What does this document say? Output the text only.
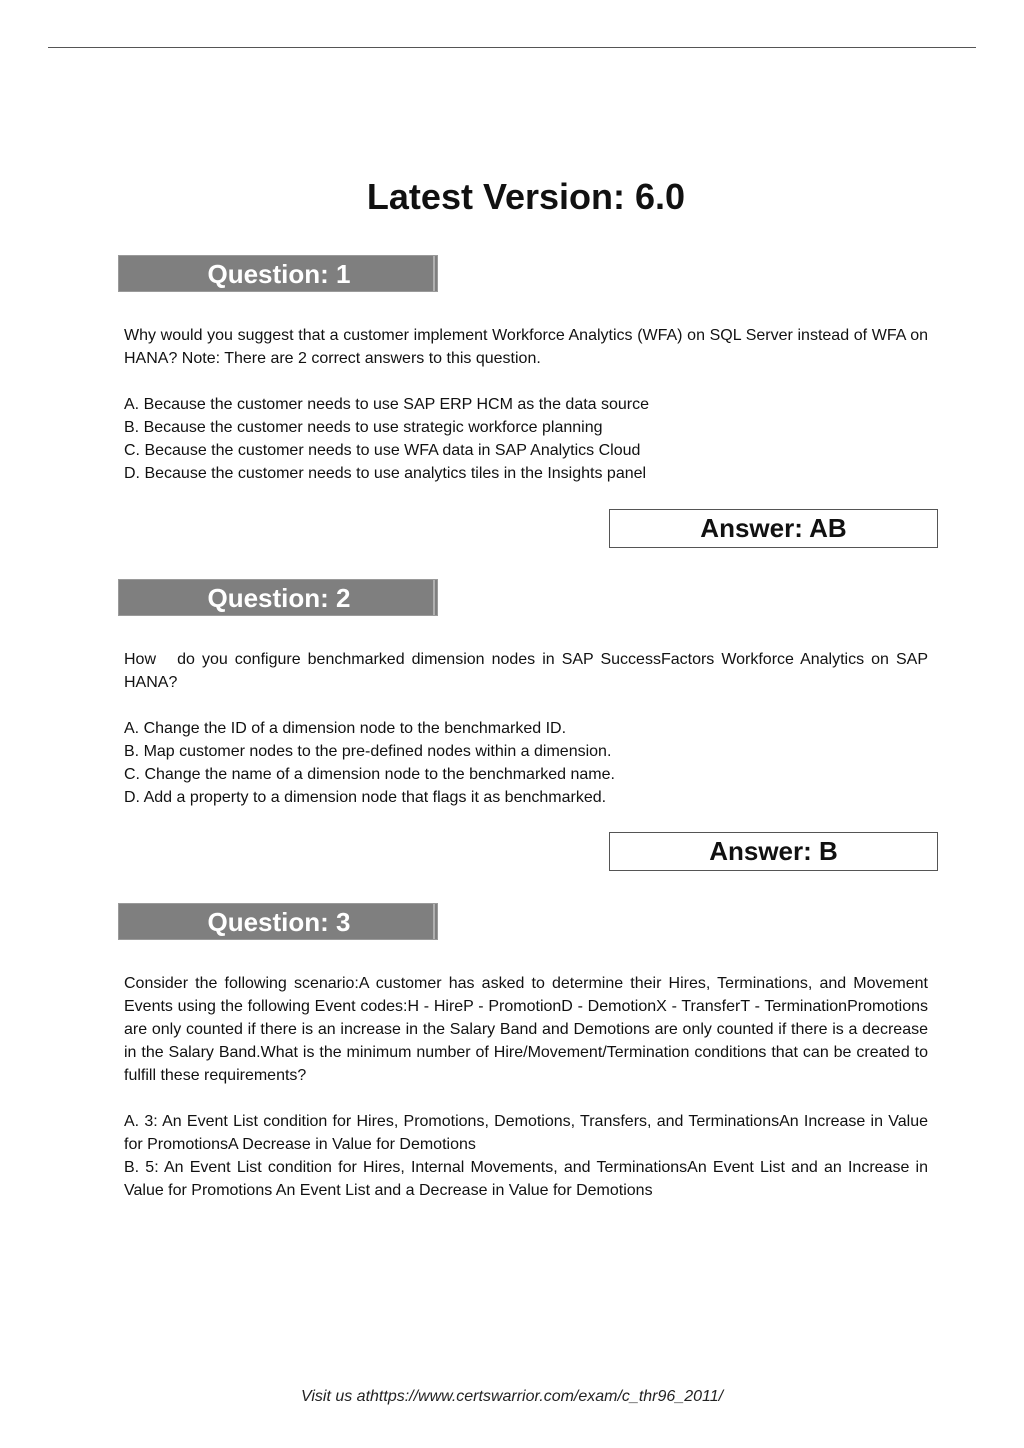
Latest Version: 6.0
Question: 1

Why would you suggest that a customer implement Workforce Analytics (WFA) on SQL Server instead of WFA on HANA? Note: There are 2 correct answers to this question.

A. Because the customer needs to use SAP ERP HCM as the data source
B. Because the customer needs to use strategic workforce planning
C. Because the customer needs to use WFA data in SAP Analytics Cloud
D. Because the customer needs to use analytics tiles in the Insights panel
Answer: AB
Question: 2

How   do you configure benchmarked dimension nodes in SAP SuccessFactors Workforce Analytics on SAP HANA?

A. Change the ID of a dimension node to the benchmarked ID.
B. Map customer nodes to the pre-defined nodes within a dimension.
C. Change the name of a dimension node to the benchmarked name.
D. Add a property to a dimension node that flags it as benchmarked.
Answer: B
Question: 3

Consider the following scenario:A customer has asked to determine their Hires, Terminations, and Movement Events using the following Event codes:H - HireP - PromotionD - DemotionX - TransferT - TerminationPromotions are only counted if there is an increase in the Salary Band and Demotions are only counted if there is a decrease in the Salary Band.What is the minimum number of Hire/Movement/Termination conditions that can be created to fulfill these requirements?

A. 3: An Event List condition for Hires, Promotions, Demotions, Transfers, and TerminationsAn Increase in Value for PromotionsA Decrease in Value for Demotions
B. 5: An Event List condition for Hires, Internal Movements, and TerminationsAn Event List and an Increase in Value for Promotions An Event List and a Decrease in Value for Demotions
Visit us athttps://www.certswarrior.com/exam/c_thr96_2011/
